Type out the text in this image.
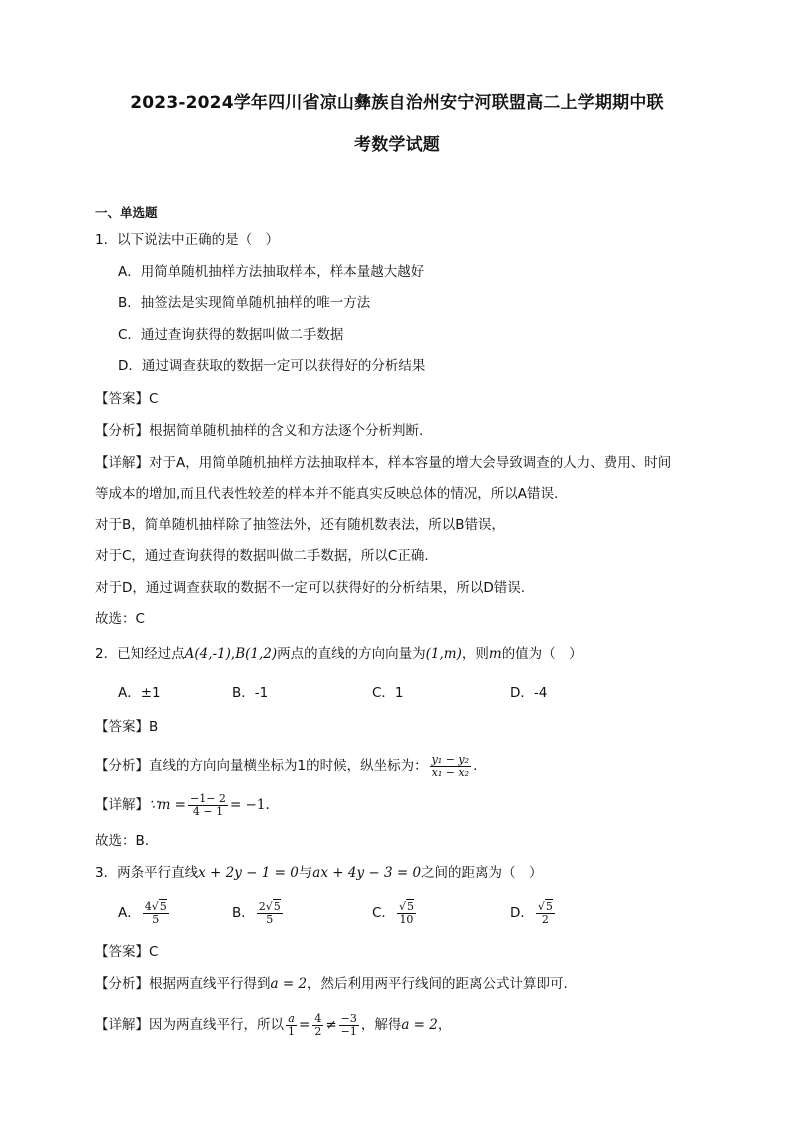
2023-2024学年四川省凉山彝族自治州安宁河联盟高二上学期期中联
考数学试题
一、单选题
1．以下说法中正确的是（　）
A．用简单随机抽样方法抽取样本，样本量越大越好
B．抽签法是实现简单随机抽样的唯一方法
C．通过查询获得的数据叫做二手数据
D．通过调查获取的数据一定可以获得好的分析结果
【答案】C
【分析】根据简单随机抽样的含义和方法逐个分析判断.
【详解】对于A，用简单随机抽样方法抽取样本，样本容量的增大会导致调查的人力、费用、时间
等成本的增加,而且代表性较差的样本并不能真实反映总体的情况，所以A错误.
对于B，简单随机抽样除了抽签法外，还有随机数表法，所以B错误，
对于C，通过查询获得的数据叫做二手数据，所以C正确.
对于D，通过调查获取的数据不一定可以获得好的分析结果，所以D错误.
故选：C
2．已知经过点A(4,-1),B(1,2)两点的直线的方向向量为(1,m)，则m的值为（　）
A．±1	B．-1	C．1	D．-4
【答案】B
【分析】直线的方向向量横坐标为1的时候，纵坐标为： $\frac{\text{y₁ − y₂}}{\text{x₁ − x₂}}$ .
【详解】∵m = $\frac{-1- 2}{4 - 1} = -1$.
故选：B.
3．两条平行直线x + 2y − 1 = 0与ax + 4y − 3 = 0之间的距离为（　）
A． $\frac{4√5}{5}$	B． $\frac{2√5}{5}$	C． $\frac{√5}{10}$	D． $\frac{√5}{2}$
【答案】C
【分析】根据两直线平行得到a = 2，然后利用两平行线间的距离公式计算即可.
【详解】因为两直线平行，所以 $\frac{a}{1} = \frac{4}{2} \ne \frac{-3}{-1}$ ，解得a = 2，
